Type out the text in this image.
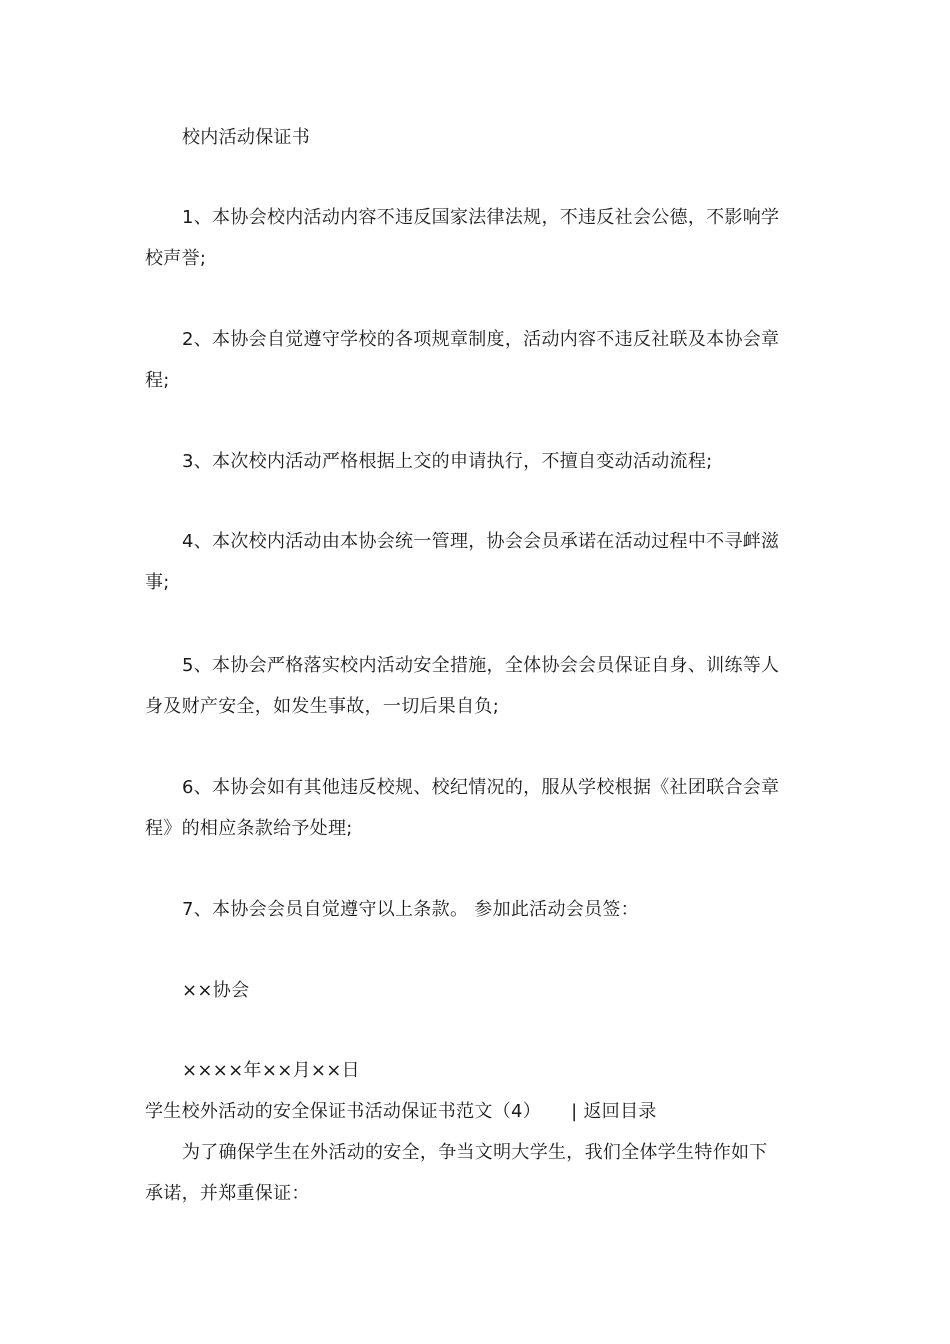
校内活动保证书
1、本协会校内活动内容不违反国家法律法规，不违反社会公德，不影响学
校声誉;
2、本协会自觉遵守学校的各项规章制度，活动内容不违反社联及本协会章
程;
3、本次校内活动严格根据上交的申请执行，不擅自变动活动流程;
4、本次校内活动由本协会统一管理，协会会员承诺在活动过程中不寻衅滋
事;
5、本协会严格落实校内活动安全措施，全体协会会员保证自身、训练等人
身及财产安全，如发生事故，一切后果自负;
6、本协会如有其他违反校规、校纪情况的，服从学校根据《社团联合会章
程》的相应条款给予处理;
7、本协会会员自觉遵守以上条款。 参加此活动会员签：
××协会
××××年××月××日
学生校外活动的安全保证书活动保证书范文（4） | 返回目录
为了确保学生在外活动的安全，争当文明大学生，我们全体学生特作如下
承诺，并郑重保证：
